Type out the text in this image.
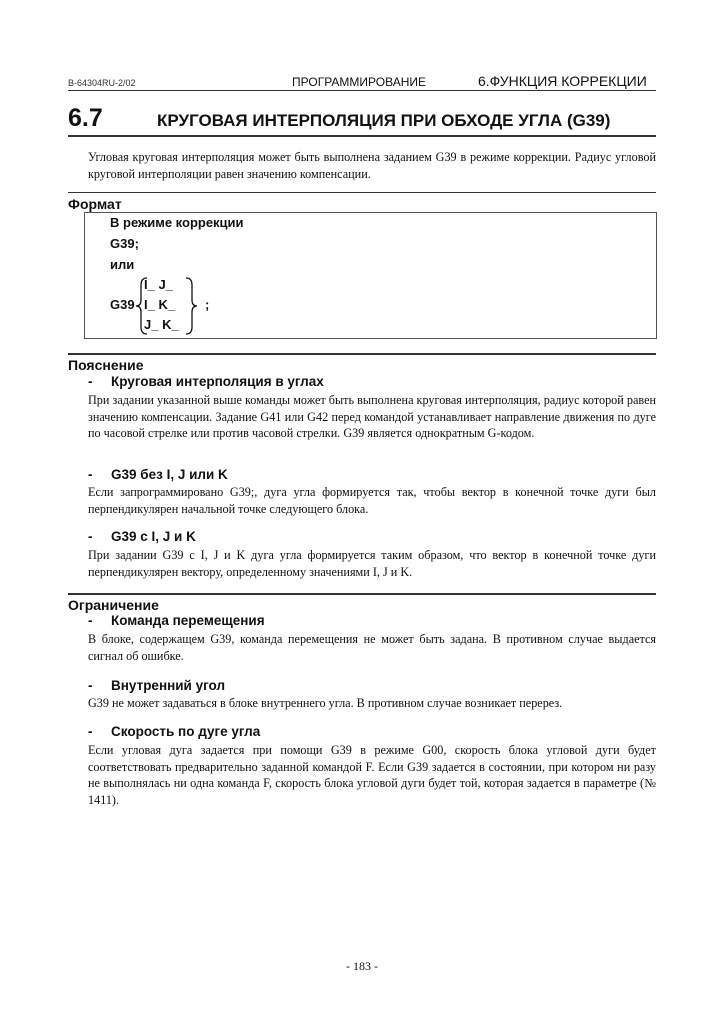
B-64304RU-2/02	ПРОГРАММИРОВАНИЕ	6.ФУНКЦИЯ КОРРЕКЦИИ
6.7	КРУГОВАЯ ИНТЕРПОЛЯЦИЯ ПРИ ОБХОДЕ УГЛА (G39)
Угловая круговая интерполяция может быть выполнена заданием G39 в режиме коррекции. Радиус угловой круговой интерполяции равен значению компенсации.
Формат
В режиме коррекции
G39;
или
G39
I_ J_
I_ K_
J_ K_
;
Пояснение
- Круговая интерполяция в углах
При задании указанной выше команды может быть выполнена круговая интерполяция, радиус которой равен значению компенсации. Задание G41 или G42 перед командой устанавливает направление движения по дуге по часовой стрелке или против часовой стрелки. G39 является однократным G-кодом.
- G39 без I, J или K
Если запрограммировано G39;, дуга угла формируется так, чтобы вектор в конечной точке дуги был перпендикулярен начальной точке следующего блока.
- G39 с I, J и K
При задании G39 с I, J и K дуга угла формируется таким образом, что вектор в конечной точке дуги перпендикулярен вектору, определенному значениями I, J и K.
Ограничение
- Команда перемещения
В блоке, содержащем G39, команда перемещения не может быть задана. В противном случае выдается сигнал об ошибке.
- Внутренний угол
G39 не может задаваться в блоке внутреннего угла. В противном случае возникает перерез.
- Скорость по дуге угла
Если угловая дуга задается при помощи G39 в режиме G00, скорость блока угловой дуги будет соответствовать предварительно заданной командой F. Если G39 задается в состоянии, при котором ни разу не выполнялась ни одна команда F, скорость блока угловой дуги будет той, которая задается в параметре (№ 1411).
- 183 -
